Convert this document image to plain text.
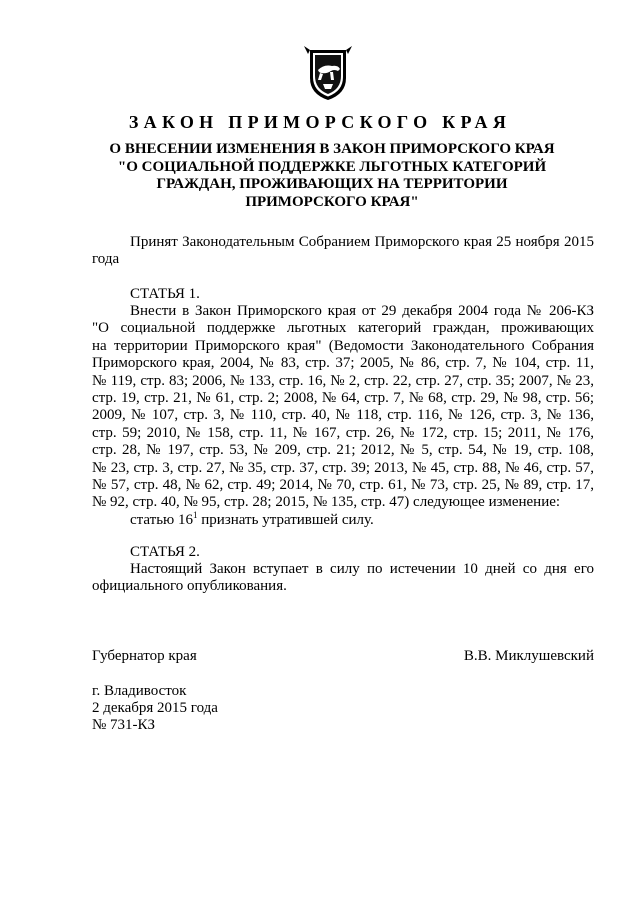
ЗАКОН ПРИМОРСКОГО КРАЯ
О ВНЕСЕНИИ ИЗМЕНЕНИЯ В ЗАКОН ПРИМОРСКОГО КРАЯ
"О СОЦИАЛЬНОЙ ПОДДЕРЖКЕ ЛЬГОТНЫХ КАТЕГОРИЙ
ГРАЖДАН, ПРОЖИВАЮЩИХ НА ТЕРРИТОРИИ
ПРИМОРСКОГО КРАЯ"
Принят Законодательным Собранием Приморского края 25 ноября 2015 года
СТАТЬЯ 1.
Внести в Закон Приморского края от 29 декабря 2004 года № 206-КЗ
"О социальной поддержке льготных категорий граждан, проживающих
на территории Приморского края" (Ведомости Законодательного Собрания
Приморского края, 2004, № 83, стр. 37; 2005, № 86, стр. 7, № 104, стр. 11,
№ 119, стр. 83; 2006, № 133, стр. 16, № 2, стр. 22, стр. 27, стр. 35; 2007, № 23,
стр. 19, стр. 21, № 61, стр. 2; 2008, № 64, стр. 7, № 68, стр. 29, № 98, стр. 56;
2009, № 107, стр. 3, № 110, стр. 40, № 118, стр. 116, № 126, стр. 3, № 136,
стр. 59; 2010, № 158, стр. 11, № 167, стр. 26, № 172, стр. 15; 2011, № 176,
стр. 28, № 197, стр. 53, № 209, стр. 21; 2012, № 5, стр. 54, № 19, стр. 108,
№ 23, стр. 3, стр. 27, № 35, стр. 37, стр. 39; 2013, № 45, стр. 88, № 46, стр. 57,
№ 57, стр. 48, № 62, стр. 49; 2014, № 70, стр. 61, № 73, стр. 25, № 89, стр. 17,
№ 92, стр. 40, № 95, стр. 28; 2015, № 135, стр. 47) следующее изменение:
статью $16^1$ признать утратившей силу.
СТАТЬЯ 2.
Настоящий Закон вступает в силу по истечении 10 дней со дня его официального опубликования.
Губернатор края	В.В. Миклушевский
г. Владивосток
2 декабря 2015 года
№ 731-КЗ
